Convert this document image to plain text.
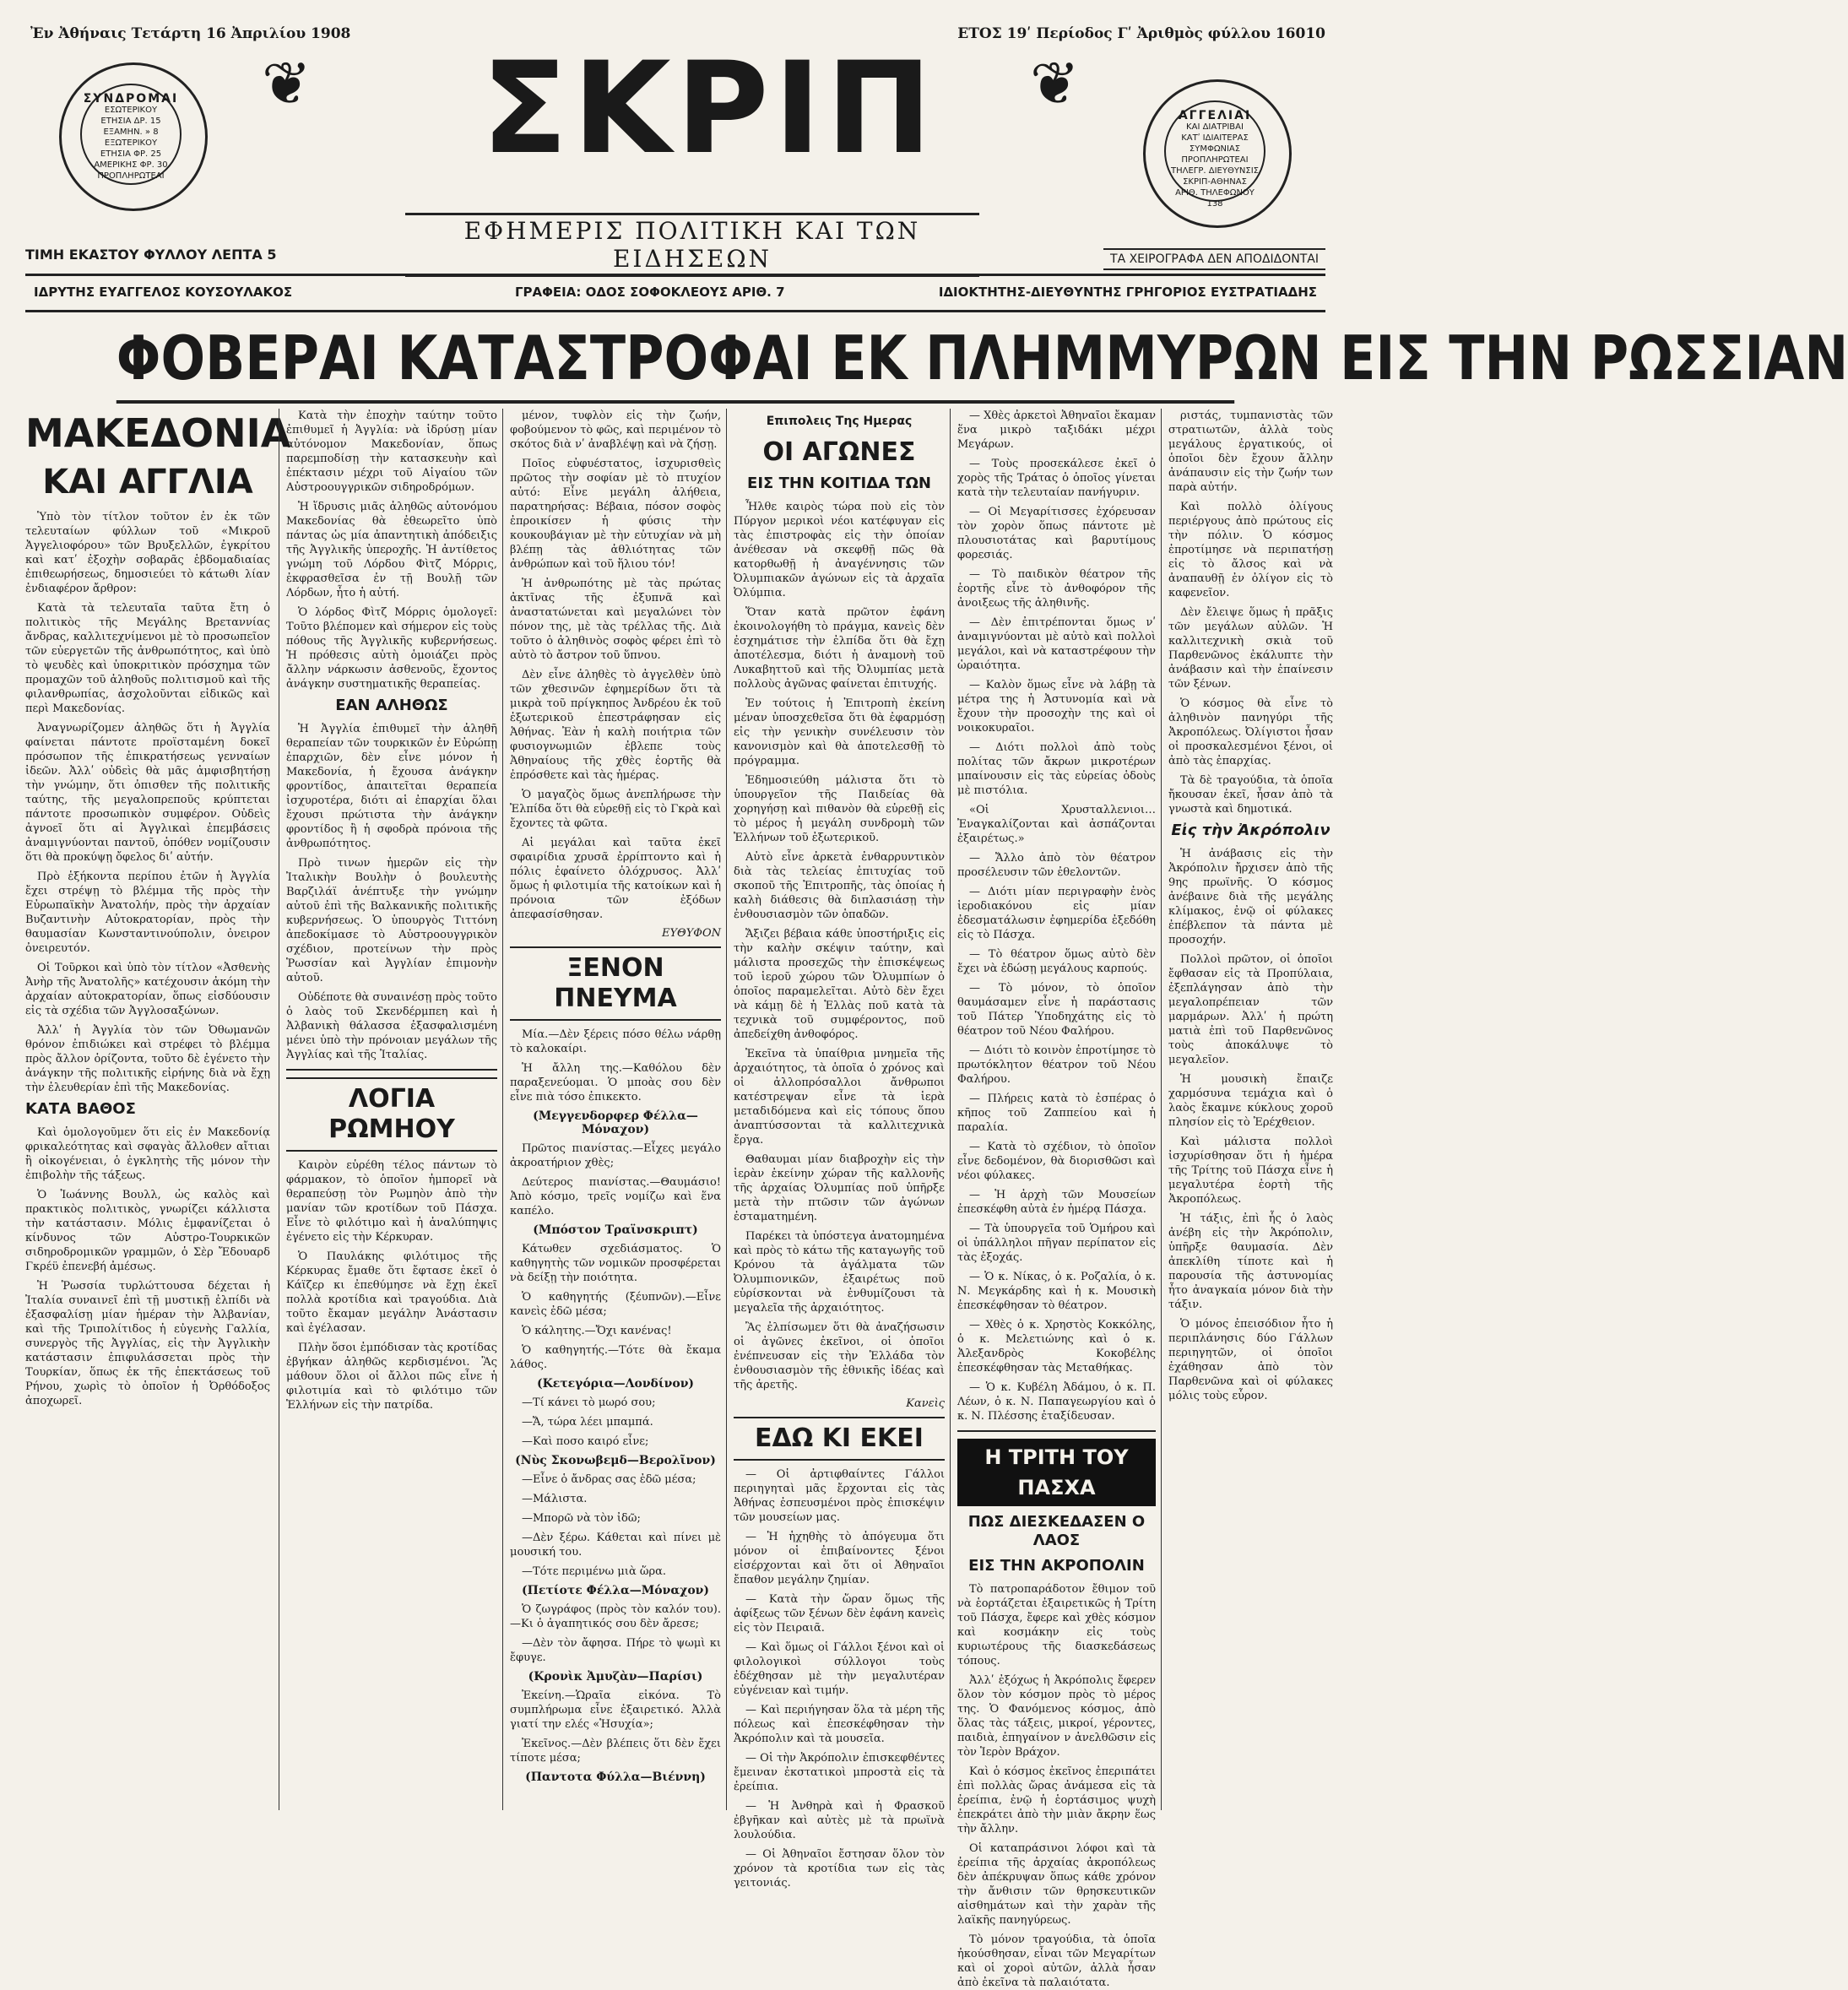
Ἐν Ἀθήναις Τετάρτη 16 Ἀπριλίου 1908	ΕΤΟΣ 19ʹ Περίοδος Γʹ Ἀριθμὸς φύλλου 16010
ΣΥΝΔΡΟΜΑΙ
ΕΣΩΤΕΡΙΚΟΥ
ΕΤΗΣΙΑ ΔΡ. 15
ΕΞΑΜΗΝ. » 8
ΕΞΩΤΕΡΙΚΟΥ
ΕΤΗΣΙΑ ΦΡ. 25
ΑΜΕΡΙΚΗΣ ΦΡ. 30
ΠΡΟΠΛΗΡΩΤΕΑΙ
❦	❦
ΣΚΡΙΠ	ΑΓΓΕΛΙΑΙ
ΚΑΙ ΔΙΑΤΡΙΒΑΙ
ΚΑΤʹ ΙΔΙΑΙΤΕΡΑΣ
ΣΥΜΦΩΝΙΑΣ
ΠΡΟΠΛΗΡΩΤΕΑΙ
ΤΗΛΕΓΡ. ΔΙΕΥΘΥΝΣΙΣ
ΣΚΡΙΠ-ΑΘΗΝΑΣ
ΑΡΙΘ. ΤΗΛΕΦΩΝΟΥ 138
ΕΦΗΜΕΡΙΣ ΠΟΛΙΤΙΚΗ ΚΑΙ ΤΩΝ ΕΙΔΗΣΕΩΝ
ΤΙΜΗ ΕΚΑΣΤΟΥ ΦΥΛΛΟΥ ΛΕΠΤΑ 5	ΤΑ ΧΕΙΡΟΓΡΑΦΑ ΔΕΝ ΑΠΟΔΙΔΟΝΤΑΙ
ΙΔΡΥΤΗΣ ΕΥΑΓΓΕΛΟΣ ΚΟΥΣΟΥΛΑΚΟΣ	ΓΡΑΦΕΙΑ: ΟΔΟΣ ΣΟΦΟΚΛΕΟΥΣ ΑΡΙΘ. 7	ΙΔΙΟΚΤΗΤΗΣ-ΔΙΕΥΘΥΝΤΗΣ ΓΡΗΓΟΡΙΟΣ ΕΥΣΤΡΑΤΙΑΔΗΣ
ΦΟΒΕΡΑΙ ΚΑΤΑΣΤΡΟΦΑΙ ΕΚ ΠΛΗΜΜΥΡΩΝ ΕΙΣ ΤΗΝ ΡΩΣΣΙΑΝ
ΜΑΚΕΔΟΝΙΑ
ΚΑΙ ΑΓΓΛΙΑ

Ὑπὸ τὸν τίτλον τοῦτον ἐν ἐκ τῶν τελευταίων φύλλων τοῦ «Μικροῦ Ἀγγελιοφόρου» τῶν Βρυξελλῶν, ἐγκρίτου καὶ κατʹ ἐξοχὴν σοβαρᾶς ἑβδομαδιαίας ἐπιθεωρήσεως, δημοσιεύει τὸ κάτωθι λίαν ἐνδιαφέρον ἄρθρον:

Κατὰ τὰ τελευταῖα ταῦτα ἔτη ὁ πολιτικὸς τῆς Μεγάλης Βρεταννίας ἄνδρας, καλλιτεχνίμενοι μὲ τὸ προσωπεῖον τῶν εὐεργετῶν τῆς ἀνθρωπότητος, καὶ ὑπὸ τὸ ψευδὲς καὶ ὑποκριτικὸν πρόσχημα τῶν προμαχῶν τοῦ ἀληθοῦς πολιτισμοῦ καὶ τῆς φιλανθρωπίας, ἀσχολοῦνται εἰδικῶς καὶ περὶ Μακεδονίας.

Ἀναγνωρίζομεν ἀληθῶς ὅτι ἡ Ἀγγλία φαίνεται πάντοτε προϊσταμένη δοκεῖ πρόσωπον τῆς ἐπικρατήσεως γενναίων ἰδεῶν. Ἀλλʹ οὐδεὶς θὰ μᾶς ἀμφισβητήσῃ τὴν γνώμην, ὅτι ὀπισθεν τῆς πολιτικῆς ταύτης, τῆς μεγαλοπρεποῦς κρύπτεται πάντοτε προσωπικὸν συμφέρον. Οὐδεὶς ἀγνοεῖ ὅτι αἱ Ἀγγλικαὶ ἐπεμβάσεις ἀναμιγνύονται παντοῦ, ὁπόθεν νομίζουσιν ὅτι θὰ προκύψῃ ὄφελος διʹ αὐτήν.

Πρὸ ἑξήκοντα περίπου ἐτῶν ἡ Ἀγγλία ἔχει στρέψῃ τὸ βλέμμα τῆς πρὸς τὴν Εὐρωπαϊκὴν Ἀνατολήν, πρὸς τὴν ἀρχαίαν Βυζαντινὴν Αὐτοκρατορίαν, πρὸς τὴν θαυμασίαν Κωνσταντινούπολιν, ὀνειρον ὀνειρευτόν.

Οἱ Τοῦρκοι καὶ ὑπὸ τὸν τίτλον «Ἀσθενὴς Ἀνὴρ τῆς Ἀνατολῆς» κατέχουσιν ἀκόμη τὴν ἀρχαίαν αὐτοκρατορίαν, ὅπως εἰσδύουσιν εἰς τὰ σχέδια τῶν Ἀγγλοσαξώνων.

Ἀλλʹ ἡ Ἀγγλία τὸν τῶν Ὀθωμανῶν θρόνον ἐπιδιώκει καὶ στρέφει τὸ βλέμμα πρὸς ἄλλον ὁρίζοντα, τοῦτο δὲ ἐγένετο τὴν ἀνάγκην τῆς πολιτικῆς εἰρήνης διὰ νὰ ἔχῃ τὴν ἐλευθερίαν ἐπὶ τῆς Μακεδονίας.

ΚΑΤΑ ΒΑΘΟΣ

Καὶ ὁμολογοῦμεν ὅτι εἰς ἐν Μακεδονίᾳ φρικαλεότητας καὶ σφαγὰς ἄλλοθεν αἴτιαι ἢ οἰκογένειαι, ὁ ἐγκλητὴς τῆς μόνον τὴν ἐπιβολὴν τῆς τάξεως.

Ὁ Ἰωάννης Βουλλ, ὡς καλὸς καὶ πρακτικὸς πολιτικὸς, γνωρίζει κάλλιστα τὴν κατάστασιν. Μόλις ἐμφανίζεται ὁ κίνδυνος τῶν Αὐστρο-Τουρκικῶν σιδηροδρομικῶν γραμμῶν, ὁ Σὲρ Ἔδουαρδ Γκρέϋ ἐπενεβή ἀμέσως.

Ἡ Ῥωσσία τυρλώττουσα δέχεται ἡ Ἰταλία συναινεῖ ἐπὶ τῇ μυστικῇ ἐλπίδι νὰ ἐξασφαλίσῃ μίαν ἡμέραν τὴν Ἀλβανίαν, καὶ τῆς Τριπολίτιδος ἡ εὐγενὴς Γαλλία, συνεργὸς τῆς Ἀγγλίας, εἰς τὴν Ἀγγλικὴν κατάστασιν ἐπιφυλάσσεται πρὸς τὴν Τουρκίαν, ὅπως ἐκ τῆς ἐπεκτάσεως τοῦ Ρήνου, χωρὶς τὸ ὁποῖον ἡ Ὀρθόδοξος ἀποχωρεῖ.

Κατὰ τὴν ἐποχὴν ταύτην τοῦτο ἐπιθυμεῖ ἡ Ἀγγλία: νὰ ἱδρύσῃ μίαν αὐτόνομον Μακεδονίαν, ὅπως παρεμποδίσῃ τὴν κατασκευὴν καὶ ἐπέκτασιν μέχρι τοῦ Αἰγαίου τῶν Αὐστροουγγρικῶν σιδηροδρόμων.

Ἡ ἵδρυσις μιᾶς ἀληθῶς αὐτονόμου Μακεδονίας θὰ ἐθεωρεῖτο ὑπὸ πάντας ὡς μία ἀπαντητικὴ ἀπόδειξις τῆς Ἀγγλικῆς ὑπεροχῆς. Ἡ ἀντίθετος γνώμη τοῦ Λόρδου Φὶτζ Μόρρις, ἐκφρασθεῖσα ἐν τῇ Βουλῇ τῶν Λόρδων, ἦτο ἡ αὐτή.

Ὁ λόρδος Φὶτζ Μόρρις ὁμολογεῖ: Τοῦτο βλέπομεν καὶ σήμερον εἰς τοὺς πόθους τῆς Ἀγγλικῆς κυβερνήσεως. Ἡ πρόθεσις αὐτὴ ὁμοιάζει πρὸς ἄλλην νάρκωσιν ἀσθενοῦς, ἔχοντος ἀνάγκην συστηματικῆς θεραπείας.

ΕΑΝ ΑΛΗΘΩΣ

Ἡ Ἀγγλία ἐπιθυμεῖ τὴν ἀληθῆ θεραπείαν τῶν τουρκικῶν ἐν Εὐρώπῃ ἐπαρχιῶν, δὲν εἶνε μόνον ἡ Μακεδονία, ἡ ἔχουσα ἀνάγκην φροντίδος, ἀπαιτεῖται θεραπεία ἰσχυροτέρα, διότι αἱ ἐπαρχίαι ὅλαι ἔχουσι πρώτιστα τὴν ἀνάγκην φροντίδος ἢ ἡ σφοδρὰ πρόνοια τῆς ἀνθρωπότητος.

Πρὸ τινων ἡμερῶν εἰς τὴν Ἰταλικὴν Βουλὴν ὁ βουλευτὴς Βαρζιλάϊ ἀνέπτυξε τὴν γνώμην αὐτοῦ ἐπὶ τῆς Βαλκανικῆς πολιτικῆς κυβερνήσεως. Ὁ ὑπουργὸς Τιττόνη ἀπεδοκίμασε τὸ Αὐστροουγγρικὸν σχέδιον, προτείνων τὴν πρὸς Ῥωσσίαν καὶ Ἀγγλίαν ἐπιμονὴν αὐτοῦ.

Οὐδέποτε θὰ συναινέσῃ πρὸς τοῦτο ὁ λαὸς τοῦ Σκενδέρμπεη καὶ ἡ Ἀλβανικὴ θάλασσα ἐξασφαλισμένη μένει ὑπὸ τὴν πρόνοιαν μεγάλων τῆς Ἀγγλίας καὶ τῆς Ἰταλίας.

ΛΟΓΙΑ ΡΩΜΗΟΥ

Καιρὸν εὑρέθη τέλος πάντων τὸ φάρμακον, τὸ ὁποῖον ἠμπορεῖ νὰ θεραπεύσῃ τὸν Ρωμηὸν ἀπὸ τὴν μανίαν τῶν κροτίδων τοῦ Πάσχα. Εἶνε τὸ φιλότιμο καὶ ἡ ἀναλύπηψις ἐγένετο εἰς τὴν Κέρκυραν.

Ὁ Παυλάκης φιλότιμος τῆς Κέρκυρας ἔμαθε ὅτι ἔφτασε ἐκεῖ ὁ Κάϊζερ κι ἐπεθύμησε νὰ ἔχῃ ἐκεῖ πολλὰ κροτίδια καὶ τραγούδια. Διὰ τοῦτο ἔκαμαν μεγάλην Ἀνάστασιν καὶ ἐγέλασαν.

Πλὴν ὅσοι ἐμπόδισαν τὰς κροτίδας ἐβγήκαν ἀληθῶς κερδισμένοι. Ἂς μάθουν ὅλοι οἱ ἄλλοι πῶς εἶνε ἡ φιλοτιμία καὶ τὸ φιλότιμο τῶν Ἑλλήνων εἰς τὴν πατρίδα.

μένον, τυφλὸν εἰς τὴν ζωήν, φοβούμενον τὸ φῶς, καὶ περιμένον τὸ σκότος διὰ νʹ ἀναβλέψῃ καὶ νὰ ζήσῃ.

Ποῖος εὐφυέστατος, ἰσχυρισθεὶς πρῶτος τὴν σοφίαν μὲ τὸ πτυχίον αὐτό: Εἶνε μεγάλη ἀλήθεια, παρατηρήσας: Βέβαια, πόσον σοφὸς ἐπροικίσεν ἡ φύσις τὴν κουκουβάγιαν μὲ τὴν εὐτυχίαν νὰ μὴ βλέπῃ τὰς ἀθλιότητας τῶν ἀνθρώπων καὶ τοῦ ἥλιου τόν!

Ἡ ἀνθρωπότης μὲ τὰς πρώτας ἀκτῖνας τῆς ἐξυπνᾶ καὶ ἀναστατώνεται καὶ μεγαλώνει τὸν πόνον της, μὲ τὰς τρέλλας τῆς. Διὰ τοῦτο ὁ ἀληθινὸς σοφὸς φέρει ἐπὶ τὸ αὐτὸ τὸ ἄστρον τοῦ ὕπνου.

Δὲν εἶνε ἀληθὲς τὸ ἀγγελθὲν ὑπὸ τῶν χθεσινῶν ἐφημερίδων ὅτι τὰ μικρὰ τοῦ πρίγκηπος Ἀνδρέου ἐκ τοῦ ἐξωτερικοῦ ἐπεστράφησαν εἰς Ἀθήνας. Ἐὰν ἡ καλὴ ποιήτρια τῶν φυσιογνωμιῶν ἐβλεπε τοὺς Ἀθηναίους τῆς χθὲς ἑορτῆς θὰ ἐπρόσθετε καὶ τὰς ἡμέρας.

Ὁ μαγαζὸς ὅμως ἀνεπλήρωσε τὴν Ἐλπίδα ὅτι θὰ εὑρεθῇ εἰς τὸ Γκρὰ καὶ ἔχοντες τὰ φῶτα.

Αἱ μεγάλαι καὶ ταῦτα ἐκεῖ σφαιρίδια χρυσᾶ ἐρρίπτοντο καὶ ἡ πόλις ἐφαίνετο ὁλόχρυσος. Ἀλλʹ ὅμως ἡ φιλοτιμία τῆς κατοίκων καὶ ἡ πρόνοια τῶν ἐξόδων ἀπεφασίσθησαν.

ΕΥΘΥΦΟΝ
ΞΕΝΟΝ ΠΝΕΥΜΑ

Μία.—Δὲν ξέρεις πόσο θέλω νάρθῃ τὸ καλοκαίρι.

Ἡ ἄλλη της.—Καθόλου δὲν παραξενεύομαι. Ὁ μποὰς σου δὲν εἶνε πιὰ τόσο ἐπικεκτο.

(Μεγγενδορφερ Φέλλα—Μόναχον)

Πρῶτος πιανίστας.—Εἶχες μεγάλο ἀκροατήριον χθὲς;

Δεύτερος πιανίστας.—Θαυμάσιο! Ἀπὸ κόσμο, τρεῖς νομίζω καὶ ἕνα καπέλο.

(Μπόστον Τραϊνσκριπτ)

Κάτωθεν σχεδιάσματος. Ὁ καθηγητὴς τῶν νομικῶν προσφέρεται νὰ δείξῃ τὴν ποιότητα.

Ὁ καθηγητής (ξέυπνῶν).—Εἶνε κανεὶς ἐδῶ μέσα;

Ὁ κάλητης.—Ὄχι κανένας!

Ὁ καθηγητής.—Τότε θὰ ἔκαμα λάθος.

(Κετεγόρια—Λονδίνον)

—Τί κάνει τὸ μωρό σου;

—Ἄ, τώρα λέει μπαμπά.

—Καὶ ποσο καιρό εἶνε;

(Νὺς Σκονωβεμδ—Βερολῖνον)

—Εἶνε ὁ ἄνδρας σας ἐδῶ μέσα;

—Μάλιστα.

—Μπορῶ νὰ τὸν ἰδῶ;

—Δὲν ξέρω. Κάθεται καὶ πίνει μὲ μουσική του.

—Τότε περιμένω μιὰ ὥρα.

(Πετίοτε Φέλλα—Μόναχον)

Ὁ ζωγράφος (πρὸς τὸν καλόν του).—Κι ὁ ἀγαπητικός σου δὲν ἄρεσε;

—Δὲν τὸν ἄφησα. Πήρε τὸ ψωμὶ κι ἔφυγε.

(Κρονὶκ Ἀμυζὰν—Παρίσι)

Ἐκείνη.—Ὡραῖα εἰκόνα. Τὸ συμπλήρωμα εἶνε ἐξαιρετικό. Ἀλλὰ γιατί την ελές «Ἡσυχία»;

Ἐκεῖνος.—Δὲν βλέπεις ὅτι δὲν ἔχει τίποτε μέσα;

(Παντοτα Φύλλα—Βιέννη)
Επιπολεις Της Ημερας
ΟΙ ΑΓΩΝΕΣ
ΕΙΣ ΤΗΝ ΚΟΙΤΙΔΑ ΤΩΝ

Ἦλθε καιρὸς τώρα ποὺ εἰς τὸν Πύργον μερικοὶ νέοι κατέφυγαν εἰς τὰς ἐπιστροφὰς εἰς τὴν ὁποίαν ἀνέθεσαν νὰ σκεφθῇ πῶς θὰ κατορθωθῇ ἡ ἀναγέννησις τῶν Ὀλυμπιακῶν ἀγώνων εἰς τὰ ἀρχαῖα Ὀλύμπια.

Ὅταν κατὰ πρῶτον ἐφάνη ἐκοινολογήθη τὸ πράγμα, κανεὶς δὲν ἐσχημάτισε τὴν ἐλπίδα ὅτι θὰ ἔχῃ ἀποτέλεσμα, διότι ἡ ἀναμονὴ τοῦ Λυκαβηττοῦ καὶ τῆς Ὀλυμπίας μετὰ πολλοὺς ἀγῶνας φαίνεται ἐπιτυχής.

Ἐν τούτοις ἡ Ἐπιτροπὴ ἐκείνη μέναν ὑποσχεθεῖσα ὅτι θὰ ἐφαρμόσῃ εἰς τὴν γενικὴν συνέλευσιν τὸν κανονισμὸν καὶ θὰ ἀποτελεσθῇ τὸ πρόγραμμα.

Ἐδημοσιεύθη μάλιστα ὅτι τὸ ὑπουργεῖον τῆς Παιδείας θὰ χορηγήσῃ καὶ πιθανὸν θὰ εὐρεθῇ εἰς τὸ μέρος ἡ μεγάλη συνδρομὴ τῶν Ἑλλήνων τοῦ ἐξωτερικοῦ.

Αὐτὸ εἶνε ἀρκετὰ ἐνθαρρυντικὸν διὰ τὰς τελείας ἐπιτυχίας τοῦ σκοποῦ τῆς Ἐπιτροπῆς, τὰς ὁποίας ἡ καλὴ διάθεσις θὰ διπλασιάσῃ τὴν ἐνθουσιασμὸν τῶν ὁπαδῶν.

Ἄξιζει βέβαια κάθε ὑποστήριξις εἰς τὴν καλὴν σκέψιν ταύτην, καὶ μάλιστα προσεχῶς τὴν ἐπισκέψεως τοῦ ἱεροῦ χώρου τῶν Ὀλυμπίων ὁ ὁποῖος παραμελεῖται. Αὐτὸ δὲν ἔχει νὰ κάμῃ δὲ ἡ Ἑλλὰς ποῦ κατὰ τὰ τεχνικὰ τοῦ συμφέροντος, ποῦ ἀπεδείχθη ἀνθοφόρος.

Ἐκεῖνα τὰ ὑπαίθρια μνημεῖα τῆς ἀρχαιότητος, τὰ ὁποῖα ὁ χρόνος καὶ οἱ ἀλλοπρόσαλλοι ἄνθρωποι κατέστρεψαν εἶνε τὰ ἱερὰ μεταδιδόμενα καὶ εἰς τόπους ὅπου ἀναπτύσσονται τὰ καλλιτεχνικὰ ἔργα.

Θαθαυμαι μίαν διαβροχὴν εἰς τὴν ἱερὰν ἐκείνην χώραν τῆς καλλονῆς τῆς ἀρχαίας Ὀλυμπίας ποῦ ὑπῆρξε μετὰ τὴν πτῶσιν τῶν ἀγώνων ἐσταματημένη.

Παρέκει τὰ ὑπόστεγα ἀνατομημένα καὶ πρὸς τὸ κάτω τῆς καταγωγῆς τοῦ Κρόνου τὰ ἀγάλματα τῶν Ὀλυμπιονικῶν, ἐξαιρέτως ποῦ εὑρίσκονται νὰ ἐνθυμίζουσι τὰ μεγαλεῖα τῆς ἀρχαιότητος.

Ἂς ἐλπίσωμεν ὅτι θὰ ἀναζήσωσιν οἱ ἀγῶνες ἐκεῖνοι, οἱ ὁποῖοι ἐνέπνευσαν εἰς τὴν Ἑλλάδα τὸν ἐνθουσιασμὸν τῆς ἐθνικῆς ἰδέας καὶ τῆς ἀρετῆς.

Κανεὶς
ΕΔΩ ΚΙ ΕΚΕΙ

— Οἱ ἀρτιφθαίντες Γάλλοι περιηγηταὶ μᾶς ἔρχονται εἰς τὰς Ἀθήνας ἐσπευσμένοι πρὸς ἐπισκέψιν τῶν μουσείων μας.

— Ἡ ἡχηθὴς τὸ ἀπόγευμα ὅτι μόνον οἱ ἐπιβαίνοντες ξένοι εἰσέρχονται καὶ ὅτι οἱ Ἀθηναῖοι ἔπαθον μεγάλην ζημίαν.

— Κατὰ τὴν ὥραν ὅμως τῆς ἀφίξεως τῶν ξένων δὲν ἐφάνη κανεὶς εἰς τὸν Πειραιᾶ.

— Καὶ ὅμως οἱ Γάλλοι ξένοι καὶ οἱ φιλολογικοὶ σύλλογοι τοὺς ἐδέχθησαν μὲ τὴν μεγαλυτέραν εὐγένειαν καὶ τιμήν.

— Καὶ περιήγησαν ὅλα τὰ μέρη τῆς πόλεως καὶ ἐπεσκέφθησαν τὴν Ἀκρόπολιν καὶ τὰ μουσεῖα.

— Οἱ τὴν Ἀκρόπολιν ἐπισκεφθέντες ἔμειναν ἐκστατικοὶ μπροστὰ εἰς τὰ ἐρείπια.

— Ἡ Ἀνθηρὰ καὶ ἡ Φρασκοῦ ἐβγῆκαν καὶ αὐτὲς μὲ τὰ πρωϊνὰ λουλούδια.

— Οἱ Ἀθηναῖοι ἔστησαν ὅλον τὸν χρόνον τὰ κροτίδια των εἰς τὰς γειτονιάς.

— Χθὲς ἀρκετοὶ Ἀθηναῖοι ἔκαμαν ἕνα μικρὸ ταξιδάκι μέχρι Μεγάρων.

— Τοὺς προσεκάλεσε ἐκεῖ ὁ χορὸς τῆς Τράτας ὁ ὁποῖος γίνεται κατὰ τὴν τελευταίαν πανήγυριν.

— Οἱ Μεγαρίτισσες ἐχόρευσαν τὸν χορὸν ὅπως πάντοτε μὲ πλουσιοτάτας καὶ βαρυτίμους φορεσιάς.

— Τὸ παιδικὸν θέατρον τῆς ἑορτῆς εἶνε τὸ ἀνθοφόρον τῆς ἀνοιξεως τῆς ἀληθινῆς.

— Δὲν ἐπιτρέπονται ὅμως νʹ ἀναμιγνύονται μὲ αὐτὸ καὶ πολλοὶ μεγάλοι, καὶ νὰ καταστρέφουν τὴν ὡραιότητα.

— Καλὸν ὅμως εἶνε νὰ λάβῃ τὰ μέτρα της ἡ Ἀστυνομία καὶ νὰ ἔχουν τὴν προσοχὴν της καὶ οἱ νοικοκυραῖοι.

— Διότι πολλοὶ ἀπὸ τοὺς πολίτας τῶν ἄκρων μικροτέρων μπαίνουσιν εἰς τὰς εὐρείας ὁδοὺς μὲ πιστόλια.

«Οἱ Χρυσταλλενιοι… Ἐναγκαλίζονται καὶ ἀσπάζονται ἐξαιρέτως.»

— Ἄλλο ἀπὸ τὸν θέατρον προσέλευσιν τῶν ἐθελοντῶν.

— Διότι μίαν περιγραφὴν ἐνὸς ἱεροδιακόνου εἰς μίαν ἐδεσματάλωσιν ἐφημερίδα ἐξεδόθη εἰς τὸ Πάσχα.

— Τὸ θέατρον ὅμως αὐτὸ δὲν ἔχει νὰ ἐδώσῃ μεγάλους καρπούς.

— Τὸ μόνον, τὸ ὁποῖον θαυμάσαμεν εἶνε ἡ παράστασις τοῦ Πάτερ Ὑποδηχάτης εἰς τὸ θέατρον τοῦ Νέου Φαλήρου.

— Διότι τὸ κοινὸν ἐπροτίμησε τὸ πρωτόκλητον θέατρον τοῦ Νέου Φαλήρου.

— Πλήρεις κατὰ τὸ ἐσπέρας ὁ κῆπος τοῦ Ζαππείου καὶ ἡ παραλία.

— Κατὰ τὸ σχέδιον, τὸ ὁποῖον εἶνε δεδομένον, θὰ διορισθῶσι καὶ νέοι φύλακες.

— Ἡ ἀρχὴ τῶν Μουσείων ἐπεσκέφθη αὐτὰ ἐν ἡμέρᾳ Πάσχα.

— Τὰ ὑπουργεῖα τοῦ Ὁμήρου καὶ οἱ ὑπάλληλοι πῆγαν περίπατον εἰς τὰς ἐξοχάς.

— Ὁ κ. Νίκας, ὁ κ. Ροζαλία, ὁ κ. Ν. Μεγκάρδης καὶ ἡ κ. Μουσικὴ ἐπεσκέφθησαν τὸ θέατρον.

— Χθὲς ὁ κ. Χρηστὸς Κοκκόλης, ὁ κ. Μελετιώνης καὶ ὁ κ. Ἀλεξανδρὸς Κοκοβέλης ἐπεσκέφθησαν τὰς Μεταθήκας.

— Ὁ κ. Κυβέλη Ἀδάμου, ὁ κ. Π. Λέων, ὁ κ. Ν. Παπαγεωργίου καὶ ὁ κ. Ν. Πλέσσης ἐταξίδευσαν.

Η ΤΡΙΤΗ ΤΟΥ ΠΑΣΧΑ
ΠΩΣ ΔΙΕΣΚΕΔΑΣΕΝ Ο ΛΑΟΣ
ΕΙΣ ΤΗΝ ΑΚΡΟΠΟΛΙΝ

Τὸ πατροπαράδοτον ἔθιμον τοῦ νὰ ἑορτάζεται ἐξαιρετικῶς ἡ Τρίτη τοῦ Πάσχα, ἔφερε καὶ χθὲς κόσμον καὶ κοσμάκην εἰς τοὺς κυριωτέρους τῆς διασκεδάσεως τόπους.

Ἀλλʹ ἐξόχως ἡ Ἀκρόπολις ἔφερεν ὅλον τὸν κόσμον πρὸς τὸ μέρος της. Ὁ Φανόμενος κόσμος, ἀπὸ ὅλας τὰς τάξεις, μικροί, γέροντες, παιδιὰ, ἐπηγαίνον ν ἀνελθῶσιν εἰς τὸν Ἱερὸν Βράχον.

Καὶ ὁ κόσμος ἐκεῖνος ἐπεριπάτει ἐπὶ πολλὰς ὥρας ἀνάμεσα εἰς τὰ ἐρείπια, ἐνῷ ἡ ἑορτάσιμος ψυχὴ ἐπεκράτει ἀπὸ τὴν μιὰν ἄκρην ἕως τὴν ἄλλην.

Οἱ καταπράσινοι λόφοι καὶ τὰ ἐρείπια τῆς ἀρχαίας ἀκροπόλεως δὲν ἀπέκρυψαν ὅπως κάθε χρόνον τὴν ἄνθισιν τῶν θρησκευτικῶν αἰσθημάτων καὶ τὴν χαρὰν τῆς λαϊκῆς πανηγύρεως.

Τὸ μόνον τραγούδια, τὰ ὁποῖα ἠκούσθησαν, εἶναι τῶν Μεγαρίτων καὶ οἱ χοροὶ αὐτῶν, ἀλλὰ ἦσαν ἀπὸ ἐκεῖνα τὰ παλαιότατα.

ριστάς, τυμπανιστὰς τῶν στρατιωτῶν, ἀλλὰ τοὺς μεγάλους ἐργατικούς, οἱ ὁποῖοι δὲν ἔχουν ἄλλην ἀνάπαυσιν εἰς τὴν ζωήν των παρὰ αὐτήν.

Καὶ πολλὸ ὀλίγους περιέργους ἀπὸ πρώτους εἰς τὴν πόλιν. Ὁ κόσμος ἐπροτίμησε νὰ περιπατήσῃ εἰς τὸ ἄλσος καὶ νὰ ἀναπαυθῇ ἐν ὀλίγον εἰς τὸ καφενεῖον.

Δὲν ἔλειψε ὅμως ἡ πρᾶξις τῶν μεγάλων αὐλῶν. Ἡ καλλιτεχνικὴ σκιὰ τοῦ Παρθενῶνος ἐκάλυπτε τὴν ἀνάβασιν καὶ τὴν ἐπαίνεσιν τῶν ξένων.

Ὁ κόσμος θὰ εἶνε τὸ ἀληθινὸν πανηγύρι τῆς Ἀκροπόλεως. Ὀλίγιστοι ἦσαν οἱ προσκαλεσμένοι ξένοι, οἱ ἀπὸ τὰς ἐπαρχίας.

Τὰ δὲ τραγούδια, τὰ ὁποῖα ἤκουσαν ἐκεῖ, ἦσαν ἀπὸ τὰ γνωστὰ καὶ δημοτικά.

Εἰς τὴν Ἀκρόπολιν

Ἡ ἀνάβασις εἰς τὴν Ἀκρόπολιν ἤρχισεν ἀπὸ τῆς 9ης πρωϊνῆς. Ὁ κόσμος ἀνέβαινε διὰ τῆς μεγάλης κλίμακος, ἐνῷ οἱ φύλακες ἐπέβλεπον τὰ πάντα μὲ προσοχήν.

Πολλοὶ πρῶτον, οἱ ὁποῖοι ἔφθασαν εἰς τὰ Προπύλαια, ἐξεπλάγησαν ἀπὸ τὴν μεγαλοπρέπειαν τῶν μαρμάρων. Ἀλλʹ ἡ πρώτη ματιὰ ἐπὶ τοῦ Παρθενῶνος τοὺς ἀποκάλυψε τὸ μεγαλεῖον.

Ἡ μουσικὴ ἔπαιζε χαρμόσυνα τεμάχια καὶ ὁ λαὸς ἔκαμνε κύκλους χοροῦ πλησίον εἰς τὸ Ἐρέχθειον.

Καὶ μάλιστα πολλοὶ ἰσχυρίσθησαν ὅτι ἡ ἡμέρα τῆς Τρίτης τοῦ Πάσχα εἶνε ἡ μεγαλυτέρα ἑορτὴ τῆς Ἀκροπόλεως.

Ἡ τάξις, ἐπὶ ἧς ὁ λαὸς ἀνέβη εἰς τὴν Ἀκρόπολιν, ὑπῆρξε θαυμασία. Δὲν ἀπεκλίθη τίποτε καὶ ἡ παρουσία τῆς ἀστυνομίας ἦτο ἀναγκαία μόνον διὰ τὴν τάξιν.

Ὁ μόνος ἐπεισόδιον ἦτο ἡ περιπλάνησις δύο Γάλλων περιηγητῶν, οἱ ὁποῖοι ἐχάθησαν ἀπὸ τὸν Παρθενῶνα καὶ οἱ φύλακες μόλις τοὺς εὗρον.
